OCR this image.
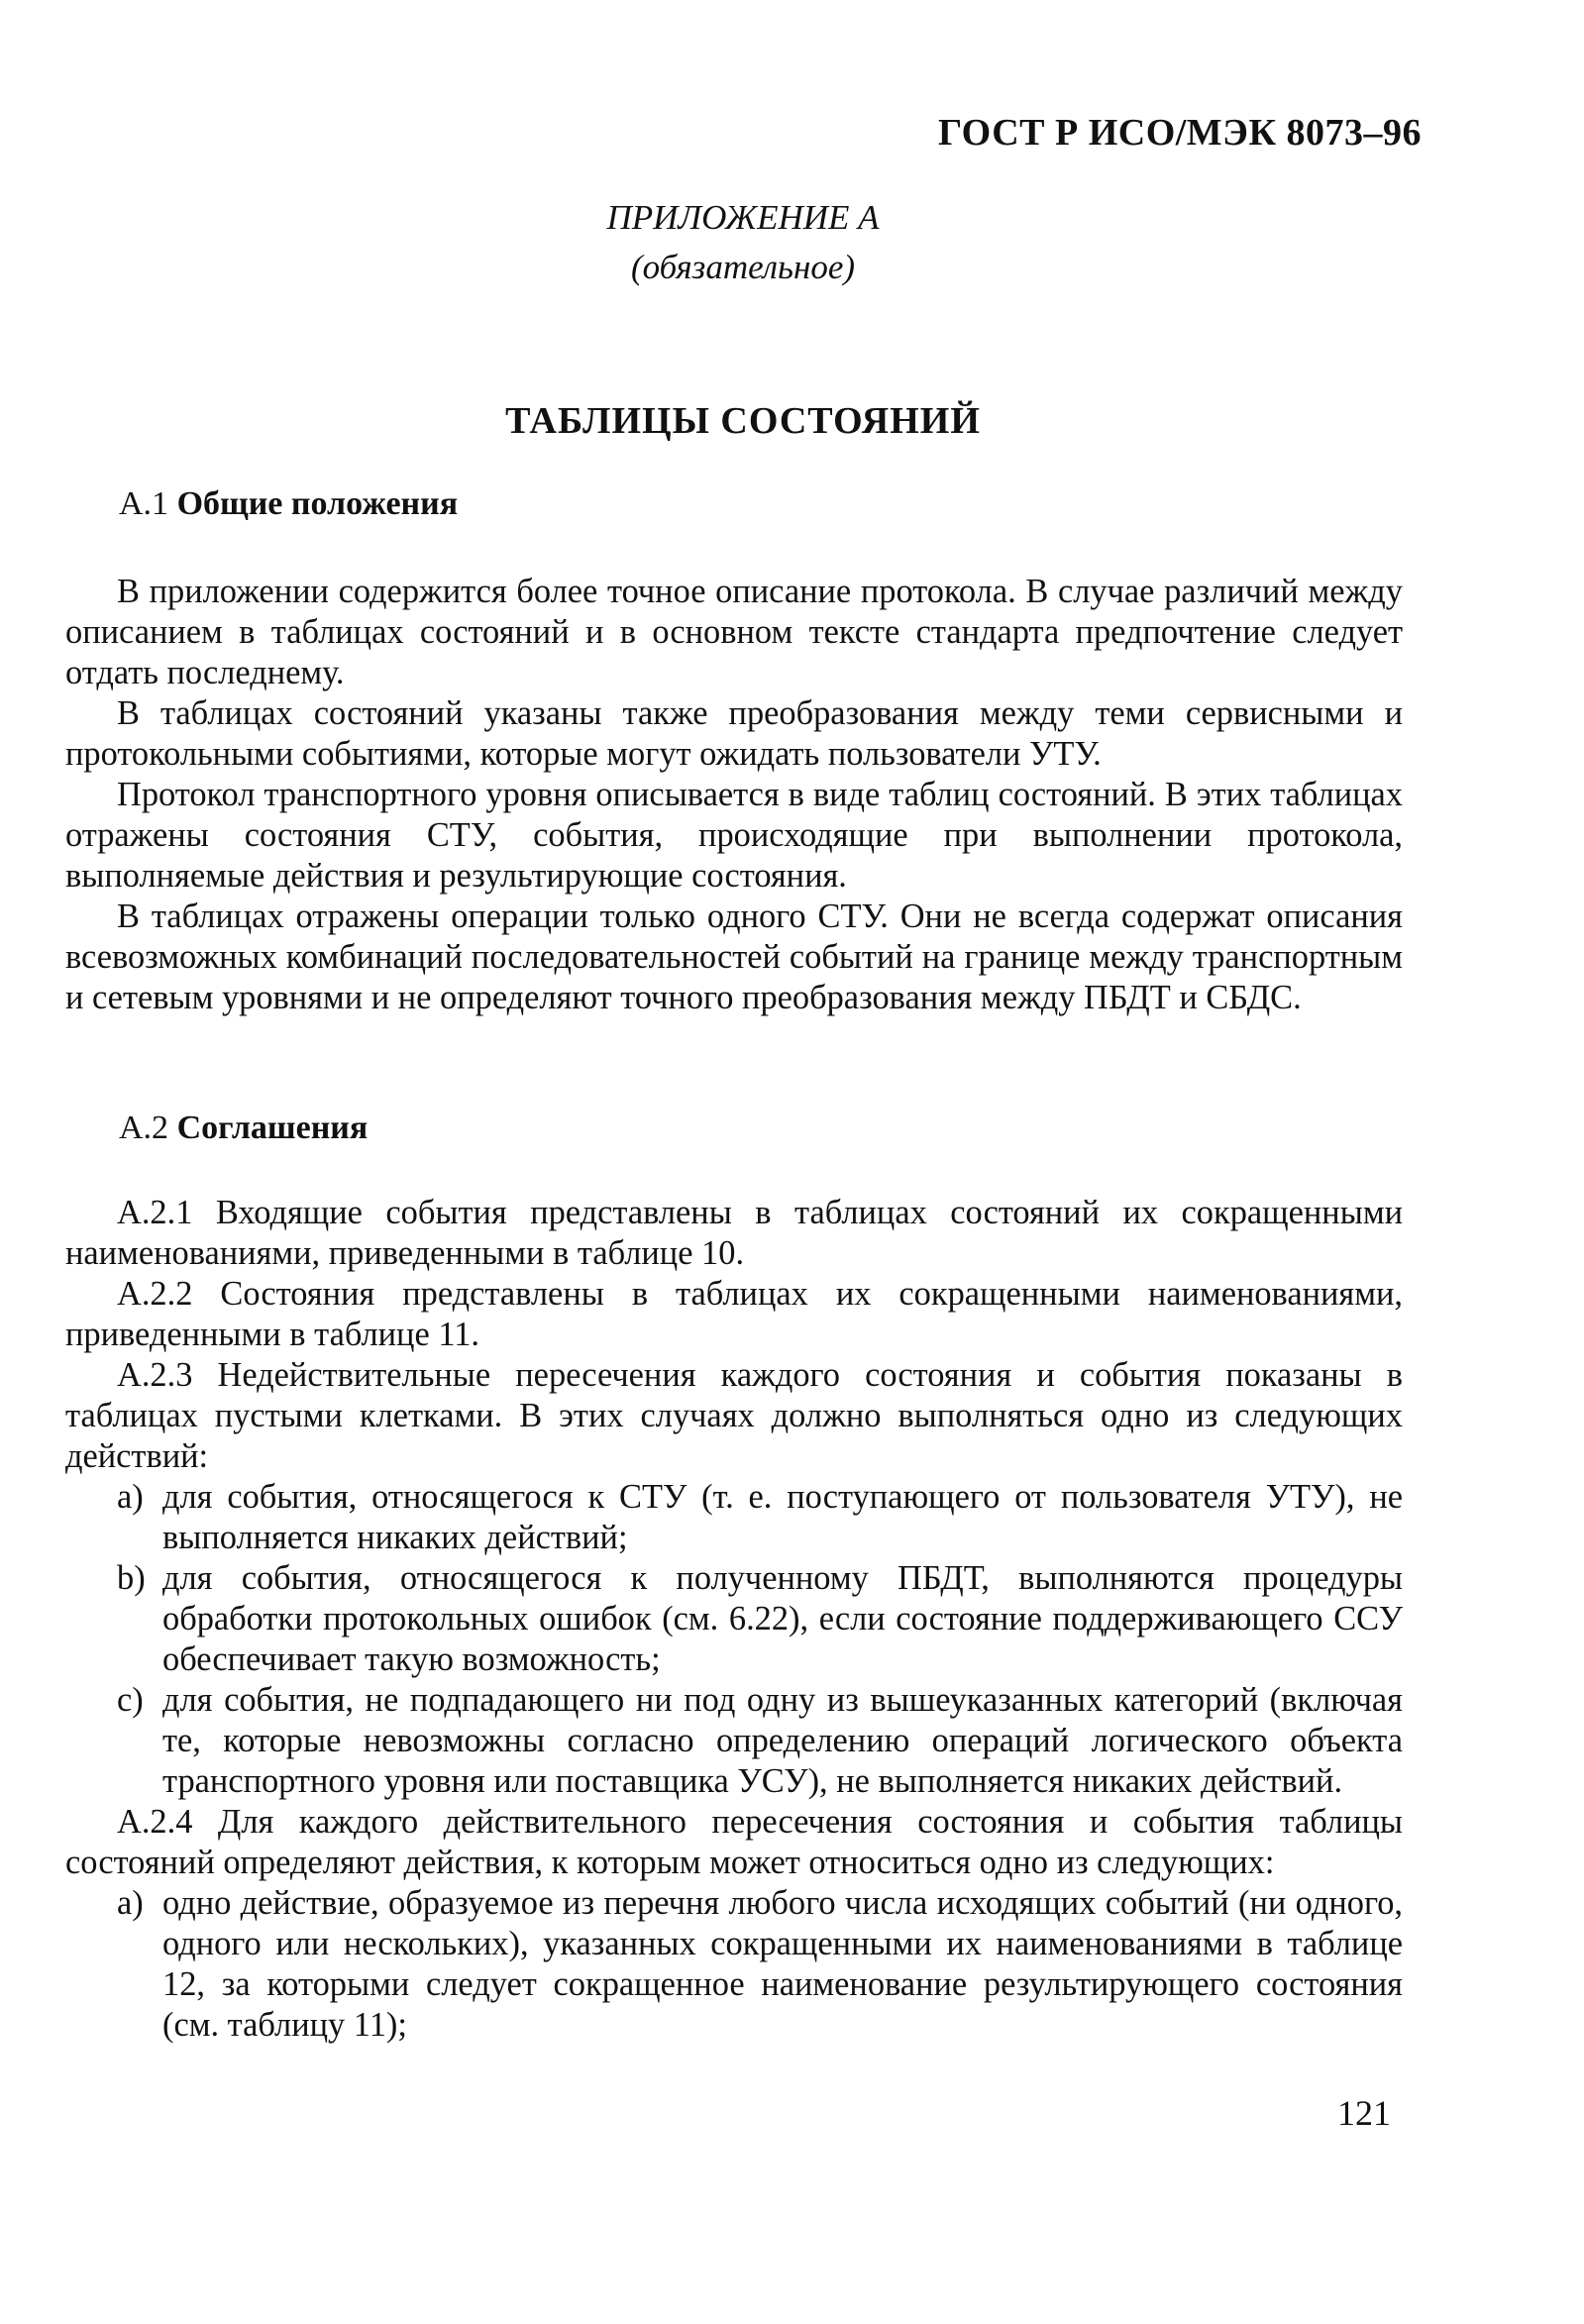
ГОСТ Р ИСО/МЭК 8073–96
ПРИЛОЖЕНИЕ А
(обязательное)
ТАБЛИЦЫ СОСТОЯНИЙ
А.1 Общие положения

В приложении содержится более точное описание протокола. В случае различий между описанием в таблицах состояний и в основном тексте стандарта предпочтение следует отдать последнему.

В таблицах состояний указаны также преобразования между теми сервисными и протокольными событиями, которые могут ожидать пользователи УТУ.

Протокол транспортного уровня описывается в виде таблиц состояний. В этих таблицах отражены состояния СТУ, события, происходящие при выполнении протокола, выполняемые действия и результирующие состояния.

В таблицах отражены операции только одного СТУ. Они не всегда содержат описания всевозможных комбинаций последовательностей событий на границе между транспортным и сетевым уровнями и не определяют точного преобразования между ПБДТ и СБДС.

А.2 Соглашения

А.2.1 Входящие события представлены в таблицах состояний их сокращенными наименованиями, приведенными в таблице 10.

А.2.2 Состояния представлены в таблицах их сокращенными наименованиями, приведенными в таблице 11.

А.2.3 Недействительные пересечения каждого состояния и события показаны в таблицах пустыми клетками. В этих случаях должно выполняться одно из следующих действий:

a) для события, относящегося к СТУ (т. е. поступающего от пользователя УТУ), не выполняется никаких действий;
b) для события, относящегося к полученному ПБДТ, выполняются процедуры обработки протокольных ошибок (см. 6.22), если состояние поддерживающего ССУ обеспечивает такую возможность;
c) для события, не подпадающего ни под одну из вышеуказанных категорий (включая те, которые невозможны согласно определению операций логического объекта транспортного уровня или поставщика УСУ), не выполняется никаких действий.

А.2.4 Для каждого действительного пересечения состояния и события таблицы состояний определяют действия, к которым может относиться одно из следующих:

a) одно действие, образуемое из перечня любого числа исходящих событий (ни одного, одного или нескольких), указанных сокращенными их наименованиями в таблице 12, за которыми следует сокращенное наименование результирующего состояния (см. таблицу 11);
121
